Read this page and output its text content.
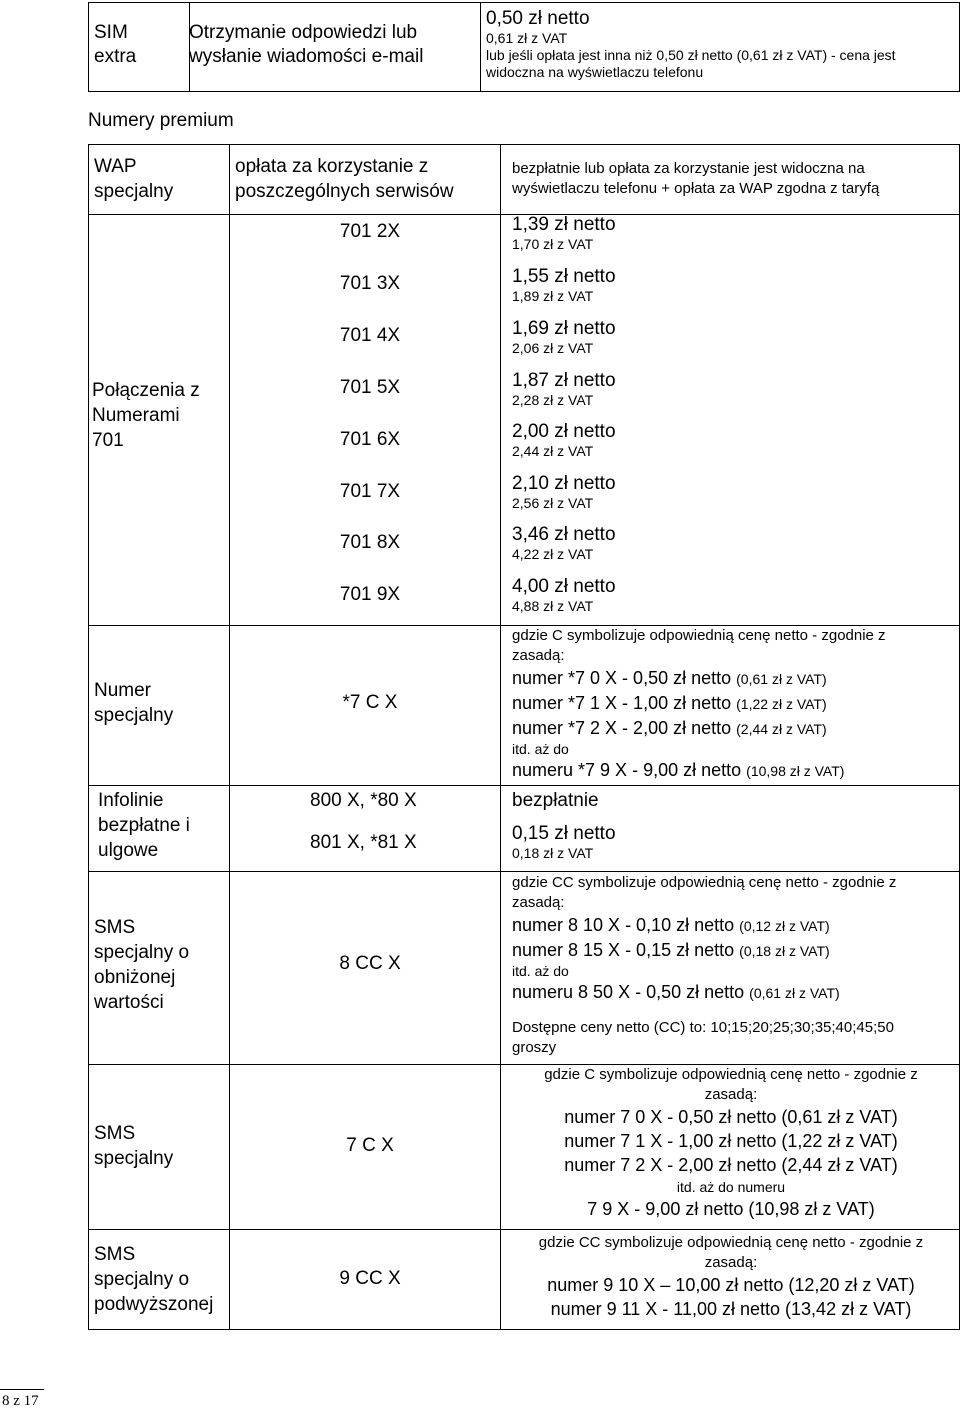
SIM
extra
Otrzymanie odpowiedzi lub
wysłanie wiadomości e-mail
0,50 zł netto
0,61 zł z VAT
lub jeśli opłata jest inna niż 0,50 zł netto (0,61 zł z VAT) - cena jest
widoczna na wyświetlaczu telefonu
Numery premium
WAP
specjalny
opłata za korzystanie z
poszczególnych serwisów
bezpłatnie lub opłata za korzystanie jest widoczna na
wyświetlaczu telefonu + opłata za WAP zgodna z taryfą
Połączenia z
Numerami
701
701 2X
701 3X
701 4X
701 5X
701 6X
701 7X
701 8X
701 9X
1,39 zł netto
1,70 zł z VAT
1,55 zł netto
1,89 zł z VAT
1,69 zł netto
2,06 zł z VAT
1,87 zł netto
2,28 zł z VAT
2,00 zł netto
2,44 zł z VAT
2,10 zł netto
2,56 zł z VAT
3,46 zł netto
4,22 zł z VAT
4,00 zł netto
4,88 zł z VAT
Numer
specjalny
*7 C X
gdzie C symbolizuje odpowiednią cenę netto - zgodnie z
zasadą:
numer *7 0 X - 0,50 zł netto (0,61 zł z VAT)
numer *7 1 X - 1,00 zł netto (1,22 zł z VAT)
numer *7 2 X - 2,00 zł netto (2,44 zł z VAT)
itd. aż do
numeru *7 9 X - 9,00 zł netto (10,98 zł z VAT)
Infolinie
bezpłatne i
ulgowe
800 X, *80 X
801 X, *81 X
bezpłatnie
0,15 zł netto
0,18 zł z VAT
SMS
specjalny o
obniżonej
wartości
8 CC X
gdzie CC symbolizuje odpowiednią cenę netto - zgodnie z
zasadą:
numer 8 10 X - 0,10 zł netto (0,12 zł z VAT)
numer 8 15 X - 0,15 zł netto (0,18 zł z VAT)
itd. aż do
numeru 8 50 X - 0,50 zł netto (0,61 zł z VAT)
Dostępne ceny netto (CC) to: 10;15;20;25;30;35;40;45;50
groszy
SMS
specjalny
7 C X
gdzie C symbolizuje odpowiednią cenę netto - zgodnie z
zasadą:
numer 7 0 X - 0,50 zł netto (0,61 zł z VAT)
numer 7 1 X - 1,00 zł netto (1,22 zł z VAT)
numer 7 2 X - 2,00 zł netto (2,44 zł z VAT)
itd. aż do numeru
7 9 X - 9,00 zł netto (10,98 zł z VAT)
SMS
specjalny o
podwyższonej
9 CC X
gdzie CC symbolizuje odpowiednią cenę netto - zgodnie z
zasadą:
numer 9 10 X – 10,00 zł netto (12,20 zł z VAT)
numer 9 11 X - 11,00 zł netto (13,42 zł z VAT)
8 z 17
